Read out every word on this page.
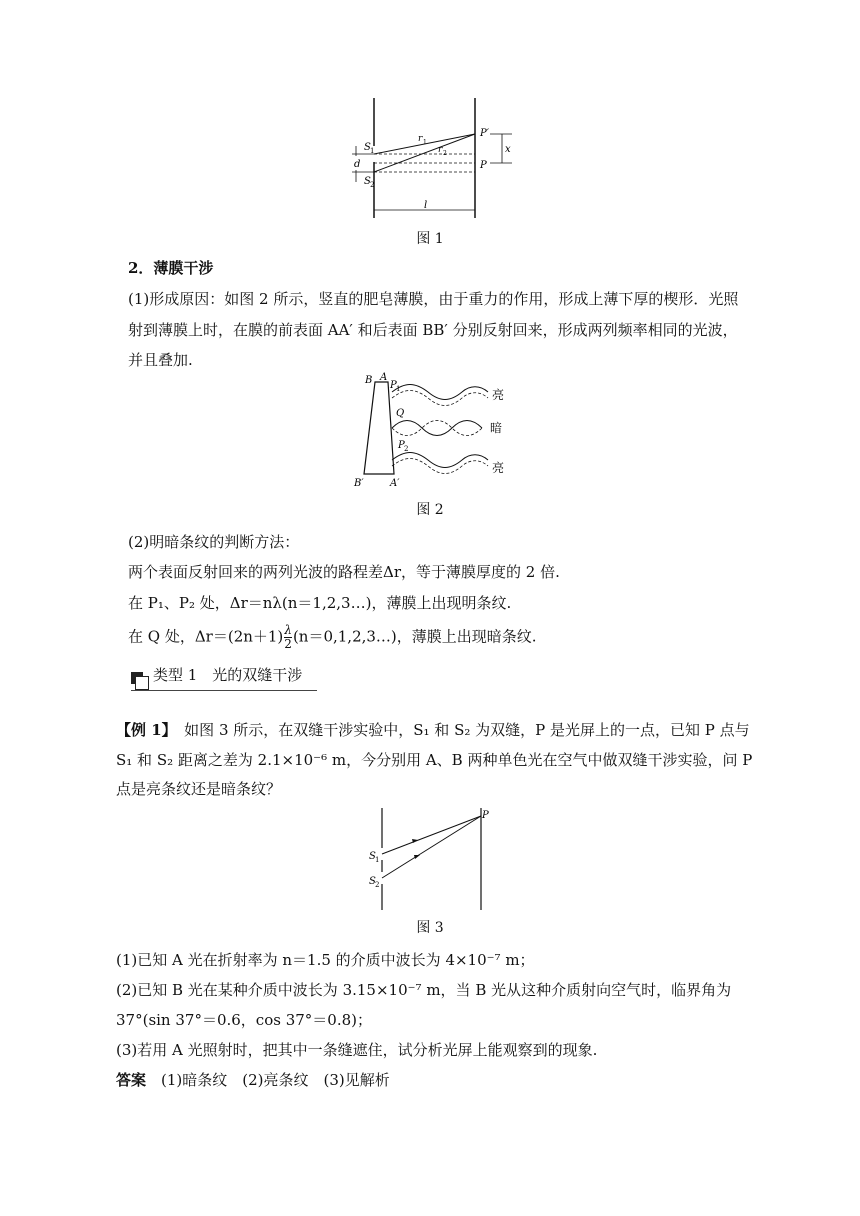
S 1
S 2
d
r 1
r 2
P′
P
x
l
图 1
2．薄膜干涉
(1)形成原因：如图 2 所示，竖直的肥皂薄膜，由于重力的作用，形成上薄下厚的楔形．光照
射到薄膜上时，在膜的前表面 AA′ 和后表面 BB′ 分别反射回来，形成两列频率相同的光波，
并且叠加.
B A
P 1
Q
P 2
B′	A′
亮
暗
亮
图 2
(2)明暗条纹的判断方法：
两个表面反射回来的两列光波的路程差Δr，等于薄膜厚度的 2 倍.
在 P₁、P₂ 处，Δr＝nλ(n＝1,2,3…)，薄膜上出现明条纹.
在 Q 处，$\Delta r=(2n+1) \frac{\lambda}{2}$ (n＝0,1,2,3…)，薄膜上出现暗条纹.
类型 1　光的双缝干涉
【例 1】　如图 3 所示，在双缝干涉实验中，S₁ 和 S₂ 为双缝，P 是光屏上的一点，已知 P 点与
S₁ 和 S₂ 距离之差为 2.1×10⁻⁶ m，今分别用 A、B 两种单色光在空气中做双缝干涉实验，问 P
点是亮条纹还是暗条纹？
S 1
S 2
P
图 3
(1)已知 A 光在折射率为 n＝1.5 的介质中波长为 4×10⁻⁷ m；
(2)已知 B 光在某种介质中波长为 3.15×10⁻⁷ m，当 B 光从这种介质射向空气时，临界角为
37°(sin 37°＝0.6，cos 37°＝0.8)；
(3)若用 A 光照射时，把其中一条缝遮住，试分析光屏上能观察到的现象.
答案　(1)暗条纹　(2)亮条纹　(3)见解析
